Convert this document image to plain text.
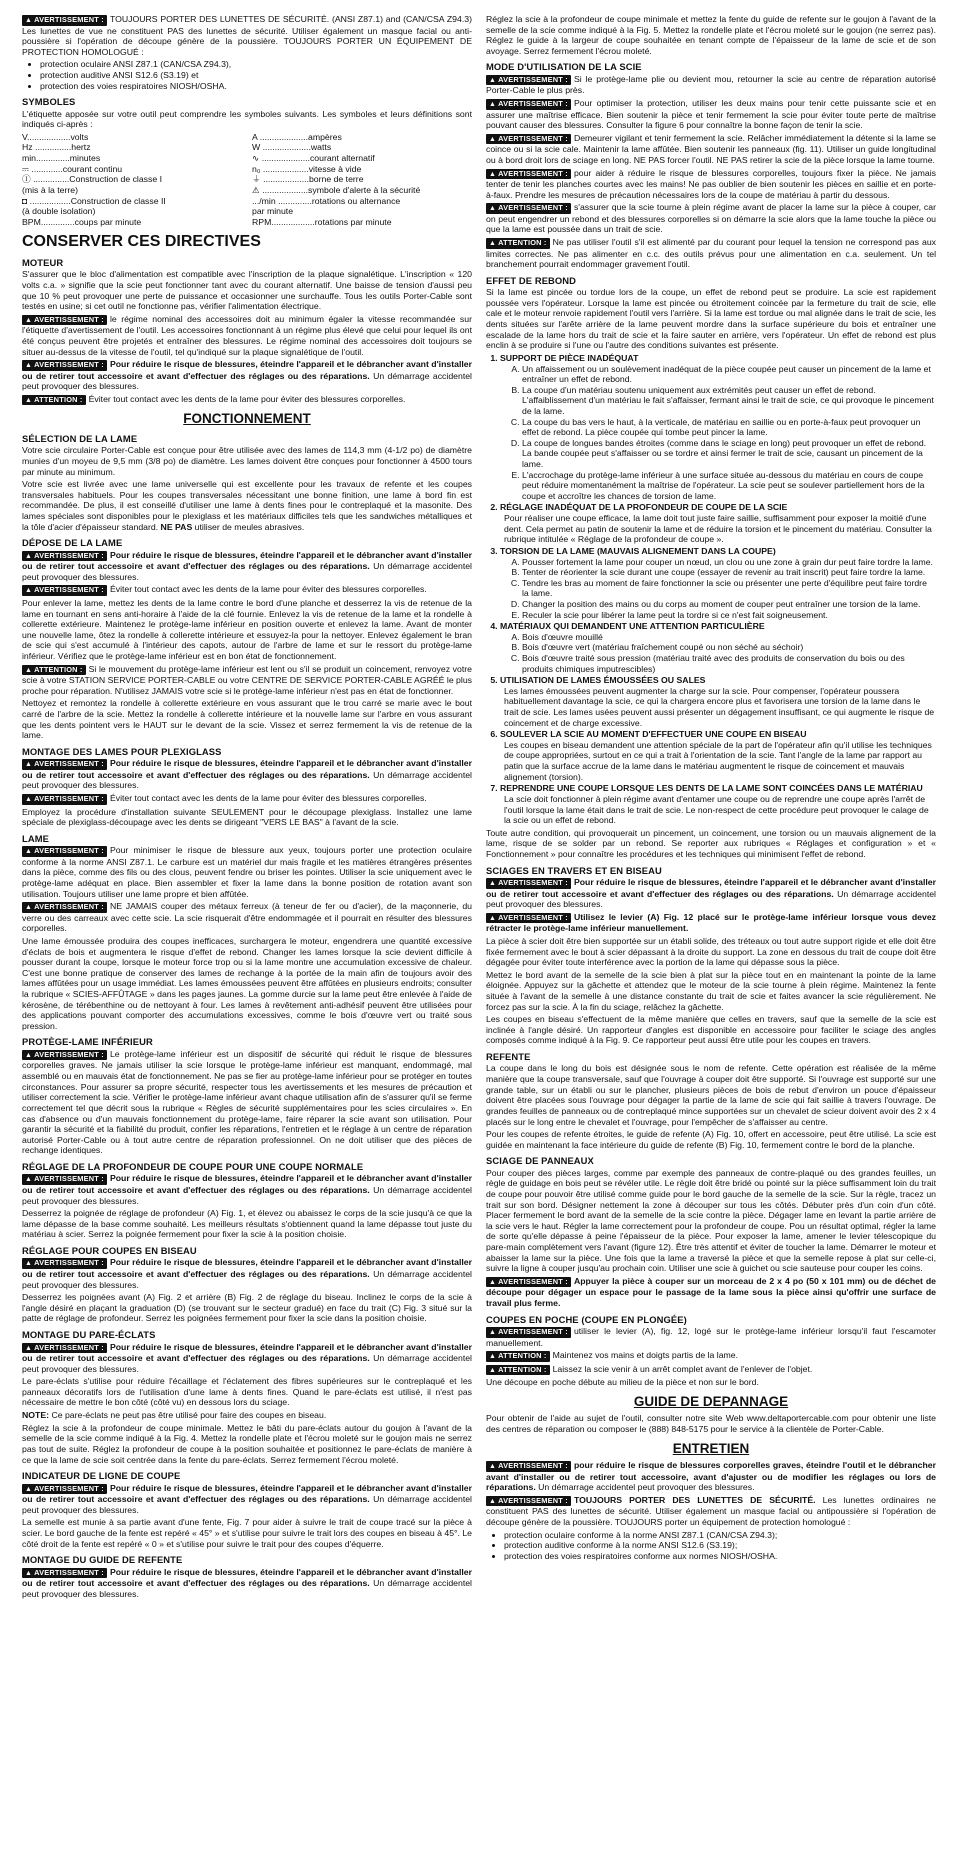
▲ AVERTISSEMENT : TOUJOURS PORTER DES LUNETTES DE SÉCURITÉ. (ANSI Z87.1) and (CAN/CSA Z94.3) Les lunettes de vue ne constituent PAS des lunettes de sécurité. Utiliser également un masque facial ou anti-poussière si l'opération de découpe génère de la poussière. TOUJOURS PORTER UN ÉQUIPEMENT DE PROTECTION HOMOLOGUÉ :

• protection oculaire ANSI Z87.1 (CAN/CSA Z94.3),
• protection auditive ANSI S12.6 (S3.19) et
• protection des voies respiratoires NIOSH/OSHA.
SYMBOLES

L'étiquette apposée sur votre outil peut comprendre les symboles suivants. Les symboles et leurs définitions sont indiqués ci-après :

V..................volts	A ....................ampères
Hz ...............hertz	W ....................watts
min..............minutes	∿ ....................courant alternatif
⎓ .............courant continu	n₀ ...................vitesse à vide
Ⓘ ...............Construction de classe I	⏚ ...................borne de terre
(mis à la terre)	⚠ ...................symbole d'alerte à la sécurité
◘ .................Construction de classe II	.../min ..............rotations ou alternance
(à double isolation)	par minute
BPM..............coups par minute	RPM..................rotations par minute
CONSERVER CES DIRECTIVES
MOTEUR

S'assurer que le bloc d'alimentation est compatible avec l'inscription de la plaque signalétique. L'inscription « 120 volts c.a. » signifie que la scie peut fonctionner tant avec du courant alternatif. Une baisse de tension d'aussi peu que 10 % peut provoquer une perte de puissance et occasionner une surchauffe. Tous les outils Porter-Cable sont testés en usine; si cet outil ne fonctionne pas, vérifier l'alimentation électrique.

▲ AVERTISSEMENT : le régime nominal des accessoires doit au minimum égaler la vitesse recommandée sur l'étiquette d'avertissement de l'outil. Les accessoires fonctionnant à un régime plus élevé que celui pour lequel ils ont été conçus peuvent être projetés et entraîner des blessures. Le régime nominal des accessoires doit toujours se situer au-dessus de la vitesse de l'outil, tel qu'indiqué sur la plaque signalétique de l'outil.

▲ AVERTISSEMENT : Pour réduire le risque de blessures, éteindre l'appareil et le débrancher avant d'installer ou de retirer tout accessoire et avant d'effectuer des réglages ou des réparations. Un démarrage accidentel peut provoquer des blessures.

▲ ATTENTION : Éviter tout contact avec les dents de la lame pour éviter des blessures corporelles.

FONCTIONNEMENT
SÉLECTION DE LA LAME

Votre scie circulaire Porter-Cable est conçue pour être utilisée avec des lames de 114,3 mm (4-1/2 po) de diamètre munies d'un moyeu de 9,5 mm (3/8 po) de diamètre. Les lames doivent être conçues pour fonctionner à 4500 tours par minute au minimum.

Votre scie est livrée avec une lame universelle qui est excellente pour les travaux de refente et les coupes transversales habituels. Pour les coupes transversales nécessitant une bonne finition, une lame à bord fin est recommandée. De plus, il est conseillé d'utiliser une lame à dents fines pour le contreplaqué et la masonite. Des lames spéciales sont disponibles pour le plexiglass et les matériaux difficiles tels que les sandwiches métalliques et la tôle d'acier d'épaisseur standard. NE PAS utiliser de meules abrasives.

DÉPOSE DE LA LAME

▲ AVERTISSEMENT : Pour réduire le risque de blessures, éteindre l'appareil et le débrancher avant d'installer ou de retirer tout accessoire et avant d'effectuer des réglages ou des réparations. Un démarrage accidentel peut provoquer des blessures.

▲ AVERTISSEMENT : Éviter tout contact avec les dents de la lame pour éviter des blessures corporelles.

Pour enlever la lame, mettez les dents de la lame contre le bord d'une planche et desserrez la vis de retenue de la lame en tournant en sens anti-horaire à l'aide de la clé fournie. Enlevez la vis de retenue de la lame et la rondelle à collerette extérieure. Maintenez le protège-lame inférieur en position ouverte et enlevez la lame. Avant de monter une nouvelle lame, ôtez la rondelle à collerette intérieure et essuyez-la pour la nettoyer. Enlevez également le bran de scie qui s'est accumulé à l'intérieur des capots, autour de l'arbre de lame et sur le ressort du protège-lame inférieur. Vérifiez que le protège-lame inférieur est en bon état de fonctionnement.

▲ ATTENTION : Si le mouvement du protège-lame inférieur est lent ou s'il se produit un coincement, renvoyez votre scie à votre STATION SERVICE PORTER-CABLE ou votre CENTRE DE SERVICE PORTER-CABLE AGRÉÉ le plus proche pour réparation. N'utilisez JAMAIS votre scie si le protège-lame inférieur n'est pas en état de fonctionner.

Nettoyez et remontez la rondelle à collerette extérieure en vous assurant que le trou carré se marie avec le bout carré de l'arbre de la scie. Mettez la rondelle à collerette intérieure et la nouvelle lame sur l'arbre en vous assurant que les dents pointent vers le HAUT sur le devant de la scie. Vissez et serrez fermement la vis de retenue de la lame.

MONTAGE DES LAMES POUR PLEXIGLASS

▲ AVERTISSEMENT : Pour réduire le risque de blessures, éteindre l'appareil et le débrancher avant d'installer ou de retirer tout accessoire et avant d'effectuer des réglages ou des réparations. Un démarrage accidentel peut provoquer des blessures.

▲ AVERTISSEMENT : Éviter tout contact avec les dents de la lame pour éviter des blessures corporelles.

Employez la procédure d'installation suivante SEULEMENT pour le découpage plexiglass. Installez une lame spéciale de plexiglass-découpage avec les dents se dirigeant "VERS LE BAS" à l'avant de la scie.

LAME

▲ AVERTISSEMENT : Pour minimiser le risque de blessure aux yeux, toujours porter une protection oculaire conforme à la norme ANSI Z87.1. Le carbure est un matériel dur mais fragile et les matières étrangères présentes dans la pièce, comme des fils ou des clous, peuvent fendre ou briser les pointes. Utiliser la scie uniquement avec le protège-lame adéquat en place. Bien assembler et fixer la lame dans la bonne position de rotation avant son utilisation. Toujours utiliser une lame propre et bien affûtée.

▲ AVERTISSEMENT : NE JAMAIS couper des métaux ferreux (à teneur de fer ou d'acier), de la maçonnerie, du verre ou des carreaux avec cette scie. La scie risquerait d'être endommagée et il pourrait en résulter des blessures corporelles.

Une lame émoussée produira des coupes inefficaces, surchargera le moteur, engendrera une quantité excessive d'éclats de bois et augmentera le risque d'effet de rebond. Changer les lames lorsque la scie devient difficile à pousser durant la coupe, lorsque le moteur force trop ou si la lame montre une accumulation excessive de chaleur. C'est une bonne pratique de conserver des lames de rechange à la portée de la main afin de toujours avoir des lames affûtées pour un usage immédiat. Les lames émoussées peuvent être affûtées en plusieurs endroits; consulter la rubrique « SCIES-AFFÛTAGE » dans les pages jaunes. La gomme durcie sur la lame peut être enlevée à l'aide de kérosène, de térébenthine ou de nettoyant à four. Les lames à revêtement anti-adhésif peuvent être utilisées pour des applications pouvant comporter des accumulations excessives, comme le bois d'œuvre vert ou traité sous pression.

PROTÈGE-LAME INFÉRIEUR

▲ AVERTISSEMENT : Le protège-lame inférieur est un dispositif de sécurité qui réduit le risque de blessures corporelles graves. Ne jamais utiliser la scie lorsque le protège-lame inférieur est manquant, endommagé, mal assemblé ou en mauvais état de fonctionnement. Ne pas se fier au protège-lame inférieur pour se protéger en toutes circonstances. Pour assurer sa propre sécurité, respecter tous les avertissements et les mesures de précaution et utiliser correctement la scie. Vérifier le protège-lame inférieur avant chaque utilisation afin de s'assurer qu'il se ferme correctement tel que décrit sous la rubrique « Règles de sécurité supplémentaires pour les scies circulaires ». En cas d'absence ou d'un mauvais fonctionnement du protège-lame, faire réparer la scie avant son utilisation. Pour garantir la sécurité et la fiabilité du produit, confier les réparations, l'entretien et le réglage à un centre de réparation autorisé Porter-Cable ou à tout autre centre de réparation professionnel. On ne doit utiliser que des pièces de rechange identiques.

RÉGLAGE DE LA PROFONDEUR DE COUPE POUR UNE COUPE NORMALE

▲ AVERTISSEMENT : Pour réduire le risque de blessures, éteindre l'appareil et le débrancher avant d'installer ou de retirer tout accessoire et avant d'effectuer des réglages ou des réparations. Un démarrage accidentel peut provoquer des blessures.

Desserrez la poignée de réglage de profondeur (A) Fig. 1, et élevez ou abaissez le corps de la scie jusqu'à ce que la lame dépasse de la base comme souhaité. Les meilleurs résultats s'obtiennent quand la lame dépasse tout juste du matériau à scier. Serrez la poignée fermement pour fixer la scie à la position choisie.

RÉGLAGE POUR COUPES EN BISEAU

▲ AVERTISSEMENT : Pour réduire le risque de blessures, éteindre l'appareil et le débrancher avant d'installer ou de retirer tout accessoire et avant d'effectuer des réglages ou des réparations. Un démarrage accidentel peut provoquer des blessures.

Desserrez les poignées avant (A) Fig. 2 et arrière (B) Fig. 2 de réglage du biseau. Inclinez le corps de la scie à l'angle désiré en plaçant la graduation (D) (se trouvant sur le secteur gradué) en face du trait (C) Fig. 3 situé sur la patte de réglage de profondeur. Serrez les poignées fermement pour fixer la scie dans la position choisie.

MONTAGE DU PARE-ÉCLATS

▲ AVERTISSEMENT : Pour réduire le risque de blessures, éteindre l'appareil et le débrancher avant d'installer ou de retirer tout accessoire et avant d'effectuer des réglages ou des réparations. Un démarrage accidentel peut provoquer des blessures.

Le pare-éclats s'utilise pour réduire l'écaillage et l'éclatement des fibres supérieures sur le contreplaqué et les panneaux décoratifs lors de l'utilisation d'une lame à dents fines. Quand le pare-éclats est utilisé, il n'est pas nécessaire de mettre le bon côté (côté vu) en dessous lors du sciage.

NOTE: Ce pare-éclats ne peut pas être utilisé pour faire des coupes en biseau.

Réglez la scie à la profondeur de coupe minimale. Mettez le bâti du pare-éclats autour du goujon à l'avant de la semelle de la scie comme indiqué à la Fig. 4. Mettez la rondelle plate et l'écrou moleté sur le goujon mais ne serrez pas tout de suite. Réglez la profondeur de coupe à la position souhaitée et positionnez le pare-éclats de manière à ce que la lame de scie soit centrée dans la fente du pare-éclats. Serrez fermement l'écrou moleté.

INDICATEUR DE LIGNE DE COUPE

▲ AVERTISSEMENT : Pour réduire le risque de blessures, éteindre l'appareil et le débrancher avant d'installer ou de retirer tout accessoire et avant d'effectuer des réglages ou des réparations. Un démarrage accidentel peut provoquer des blessures.

La semelle est munie à sa partie avant d'une fente, Fig. 7 pour aider à suivre le trait de coupe tracé sur la pièce à scier. Le bord gauche de la fente est repéré « 45° » et s'utilise pour suivre le trait lors des coupes en biseau à 45°. Le côté droit de la fente est repéré « 0 » et s'utilise pour suivre le trait pour des coupes d'équerre.

MONTAGE DU GUIDE DE REFENTE

▲ AVERTISSEMENT : Pour réduire le risque de blessures, éteindre l'appareil et le débrancher avant d'installer ou de retirer tout accessoire et avant d'effectuer des réglages ou des réparations. Un démarrage accidentel peut provoquer des blessures.

Réglez la scie à la profondeur de coupe minimale et mettez la fente du guide de refente sur le goujon à l'avant de la semelle de la scie comme indiqué à la Fig. 5. Mettez la rondelle plate et l'écrou moleté sur le goujon (ne serrez pas). Réglez le guide à la largeur de coupe souhaitée en tenant compte de l'épaisseur de la lame de scie et de son avoyage. Serrez fermement l'écrou moleté.

MODE D'UTILISATION DE LA SCIE

▲ AVERTISSEMENT : Si le protège-lame plie ou devient mou, retourner la scie au centre de réparation autorisé Porter-Cable le plus près.

▲ AVERTISSEMENT : Pour optimiser la protection, utiliser les deux mains pour tenir cette puissante scie et en assurer une maîtrise efficace. Bien soutenir la pièce et tenir fermement la scie pour éviter toute perte de maîtrise pouvant causer des blessures. Consulter la figure 6 pour connaître la bonne façon de tenir la scie.

▲ AVERTISSEMENT : Demeurer vigilant et tenir fermement la scie. Relâcher immédiatement la détente si la lame se coince ou si la scie cale. Maintenir la lame affûtée. Bien soutenir les panneaux (fig. 11). Utiliser un guide longitudinal ou à bord droit lors de sciage en long. NE PAS forcer l'outil. NE PAS retirer la scie de la pièce lorsque la lame tourne.

▲ AVERTISSEMENT : pour aider à réduire le risque de blessures corporelles, toujours fixer la pièce. Ne jamais tenter de tenir les planches courtes avec les mains! Ne pas oublier de bien soutenir les pièces en saillie et en porte-à-faux. Prendre les mesures de précaution nécessaires lors de la coupe de matériau à partir du dessous.

▲ AVERTISSEMENT : s'assurer que la scie tourne à plein régime avant de placer la lame sur la pièce à couper, car on peut engendrer un rebond et des blessures corporelles si on démarre la scie alors que la lame touche la pièce ou que la lame est poussée dans un trait de scie.

▲ ATTENTION : Ne pas utiliser l'outil s'il est alimenté par du courant pour lequel la tension ne correspond pas aux limites correctes. Ne pas alimenter en c.c. des outils prévus pour une alimentation en c.a. seulement. Un tel branchement pourrait endommager gravement l'outil.

EFFET DE REBOND

Si la lame est pincée ou tordue lors de la coupe, un effet de rebond peut se produire. La scie est rapidement poussée vers l'opérateur. Lorsque la lame est pincée ou étroitement coincée par la fermeture du trait de scie, elle cale et le moteur renvoie rapidement l'outil vers l'arrière. Si la lame est tordue ou mal alignée dans le trait de scie, les dents situées sur l'arête arrière de la lame peuvent mordre dans la surface supérieure du bois et entraîner une escalade de la lame hors du trait de scie et la faire sauter en arrière, vers l'opérateur. Un effet de rebond est plus enclin à se produire si l'une ou l'autre des conditions suivantes est présente.

1. SUPPORT DE PIÈCE INADÉQUAT
A. Un affaissement ou un soulèvement inadéquat de la pièce coupée peut causer un pincement de la lame et entraîner un effet de rebond.
B. La coupe d'un matériau soutenu uniquement aux extrémités peut causer un effet de rebond. L'affaiblissement d'un matériau le fait s'affaisser, fermant ainsi le trait de scie, ce qui provoque le pincement de la lame.
C. La coupe du bas vers le haut, à la verticale, de matériau en saillie ou en porte-à-faux peut provoquer un effet de rebond. La pièce coupée qui tombe peut pincer la lame.
D. La coupe de longues bandes étroites (comme dans le sciage en long) peut provoquer un effet de rebond. La bande coupée peut s'affaisser ou se tordre et ainsi fermer le trait de scie, causant un pincement de la lame.
E. L'accrochage du protège-lame inférieur à une surface située au-dessous du matériau en cours de coupe peut réduire momentanément la maîtrise de l'opérateur. La scie peut se soulever partiellement hors de la coupe et accroître les chances de torsion de lame.
2. RÉGLAGE INADÉQUAT DE LA PROFONDEUR DE COUPE DE LA SCIE
Pour réaliser une coupe efficace, la lame doit tout juste faire saillie, suffisamment pour exposer la moitié d'une dent. Cela permet au patin de soutenir la lame et de réduire la torsion et le pincement du matériau. Consulter la rubrique intitulée « Réglage de la profondeur de coupe ».
3. TORSION DE LA LAME (MAUVAIS ALIGNEMENT DANS LA COUPE)
A. Pousser fortement la lame pour couper un nœud, un clou ou une zone à grain dur peut faire tordre la lame.
B. Tenter de réorienter la scie durant une coupe (essayer de revenir au trait inscrit) peut faire tordre la lame.
C. Tendre les bras au moment de faire fonctionner la scie ou présenter une perte d'équilibre peut faire tordre la lame.
D. Changer la position des mains ou du corps au moment de couper peut entraîner une torsion de la lame.
E. Reculer la scie pour libérer la lame peut la tordre si ce n'est fait soigneusement.
4. MATÉRIAUX QUI DEMANDENT UNE ATTENTION PARTICULIÈRE
A. Bois d'œuvre mouillé
B. Bois d'œuvre vert (matériau fraîchement coupé ou non séché au séchoir)
C. Bois d'œuvre traité sous pression (matériau traité avec des produits de conservation du bois ou des produits chimiques imputrescibles)
5. UTILISATION DE LAMES ÉMOUSSÉES OU SALES
Les lames émoussées peuvent augmenter la charge sur la scie. Pour compenser, l'opérateur poussera habituellement davantage la scie, ce qui la chargera encore plus et favorisera une torsion de la lame dans le trait de scie. Les lames usées peuvent aussi présenter un dégagement insuffisant, ce qui augmente le risque de coincement et de charge excessive.
6. SOULEVER LA SCIE AU MOMENT D'EFFECTUER UNE COUPE EN BISEAU
Les coupes en biseau demandent une attention spéciale de la part de l'opérateur afin qu'il utilise les techniques de coupe appropriées, surtout en ce qui a trait à l'orientation de la scie. Tant l'angle de la lame par rapport au patin que la surface accrue de la lame dans le matériau augmentent le risque de coincement et mauvais alignement (torsion).
7. REPRENDRE UNE COUPE LORSQUE LES DENTS DE LA LAME SONT COINCÉES DANS LE MATÉRIAU
La scie doit fonctionner à plein régime avant d'entamer une coupe ou de reprendre une coupe après l'arrêt de l'outil lorsque la lame était dans le trait de scie. Le non-respect de cette procédure peut provoquer le calage de la scie ou un effet de rebond.

Toute autre condition, qui provoquerait un pincement, un coincement, une torsion ou un mauvais alignement de la lame, risque de se solder par un rebond. Se reporter aux rubriques « Réglages et configuration » et « Fonctionnement » pour connaître les procédures et les techniques qui minimisent l'effet de rebond.

SCIAGES EN TRAVERS ET EN BISEAU

▲ AVERTISSEMENT : Pour réduire le risque de blessures, éteindre l'appareil et le débrancher avant d'installer ou de retirer tout accessoire et avant d'effectuer des réglages ou des réparations. Un démarrage accidentel peut provoquer des blessures.

▲ AVERTISSEMENT : Utilisez le levier (A) Fig. 12 placé sur le protège-lame inférieur lorsque vous devez rétracter le protège-lame inférieur manuellement.

La pièce à scier doit être bien supportée sur un établi solide, des tréteaux ou tout autre support rigide et elle doit être fixée fermement avec le bout à scier dépassant à la droite du support. La zone en dessous du trait de coupe doit être dégagée pour éviter toute interférence avec la portion de la lame qui dépasse sous la pièce.

Mettez le bord avant de la semelle de la scie bien à plat sur la pièce tout en en maintenant la pointe de la lame éloignée. Appuyez sur la gâchette et attendez que le moteur de la scie tourne à plein régime. Maintenez la fente située à l'avant de la semelle à une distance constante du trait de scie et faites avancer la scie régulièrement. Ne forcez pas sur la scie. À la fin du sciage, relâchez la gâchette.

Les coupes en biseau s'effectuent de la même manière que celles en travers, sauf que la semelle de la scie est inclinée à l'angle désiré. Un rapporteur d'angles est disponible en accessoire pour faciliter le sciage des angles composés comme indiqué à la Fig. 9. Ce rapporteur peut aussi être utile pour les coupes en travers.

REFENTE

La coupe dans le long du bois est désignée sous le nom de refente. Cette opération est réalisée de la même manière que la coupe transversale, sauf que l'ouvrage à couper doit être supporté. Si l'ouvrage est supporté sur une grande table, sur un établi ou sur le plancher, plusieurs pièces de bois de rebut d'environ un pouce d'épaisseur doivent être placées sous l'ouvrage pour dégager la partie de la lame de scie qui fait saillie à travers l'ouvrage. De grandes feuilles de panneaux ou de contreplaqué mince supportées sur un chevalet de scieur doivent avoir des 2 x 4 placés sur le long entre le chevalet et l'ouvrage, pour l'empêcher de s'affaisser au centre.

Pour les coupes de refente étroites, le guide de refente (A) Fig. 10, offert en accessoire, peut être utilisé. La scie est guidée en maintenant la face intérieure du guide de refente (B) Fig. 10, fermement contre le bord de la planche.

SCIAGE DE PANNEAUX

Pour couper des pièces larges, comme par exemple des panneaux de contre-plaqué ou des grandes feuilles, un règle de guidage en bois peut se révéler utile. Le règle doit être bridé ou pointé sur la pièce suffisamment loin du trait de coupe pour pouvoir être utilisé comme guide pour le bord gauche de la semelle de la scie. Sur la règle, tracez un trait sur son bord. Désigner nettement la zone à découper sur tous les côtés. Débuter près d'un coin d'un côté. Placer fermement le bord avant de la semelle de la scie contre la pièce. Dégager lame en levant la partie arrière de la scie vers le haut. Régler la lame correctement pour la profondeur de coupe. Pou un résultat optimal, régler la lame de sorte qu'elle dépasse à peine l'épaisseur de la pièce. Pour exposer la lame, amener le levier télescopique du pare-main complètement vers l'avant (figure 12). Être très attentif et éviter de toucher la lame. Démarrer le moteur et abaisser la lame sur la pièce. Une fois que la lame a traversé la pièce et que la semelle repose à plat sur celle-ci, suivre la ligne à couper jusqu'au prochain coin. Utiliser une scie à guichet ou scie sauteuse pour couper les coins.

▲ AVERTISSEMENT : Appuyer la pièce à couper sur un morceau de 2 x 4 po (50 x 101 mm) ou de déchet de découpe pour dégager un espace pour le passage de la lame sous la pièce ainsi qu'offrir une surface de travail plus ferme.

COUPES EN POCHE (COUPE EN PLONGÉE)

▲ AVERTISSEMENT : utiliser le levier (A), fig. 12, logé sur le protège-lame inférieur lorsqu'il faut l'escamoter manuellement.

▲ ATTENTION : Maintenez vos mains et doigts partis de la lame.

▲ ATTENTION : Laissez la scie venir à un arrêt complet avant de l'enlever de l'objet.

Une découpe en poche débute au milieu de la pièce et non sur le bord.

GUIDE DE DEPANNAGE

Pour obtenir de l'aide au sujet de l'outil, consulter notre site Web www.deltaportercable.com pour obtenir une liste des centres de réparation ou composer le (888) 848-5175 pour le service à la clientèle de Porter-Cable.

ENTRETIEN

▲ AVERTISSEMENT : pour réduire le risque de blessures corporelles graves, éteindre l'outil et le débrancher avant d'installer ou de retirer tout accessoire, avant d'ajuster ou de modifier les réglages ou lors de réparations. Un démarrage accidentel peut provoquer des blessures.

▲ AVERTISSEMENT : TOUJOURS PORTER DES LUNETTES DE SÉCURITÉ. Les lunettes ordinaires ne constituent PAS des lunettes de sécurité. Utiliser également un masque facial ou antipoussière si l'opération de découpe génère de la poussière. TOUJOURS porter un équipement de protection homologué :

• protection oculaire conforme à la norme ANSI Z87.1 (CAN/CSA Z94.3);
• protection auditive conforme à la norme ANSI S12.6 (S3.19);
• protection des voies respiratoires conforme aux normes NIOSH/OSHA.
